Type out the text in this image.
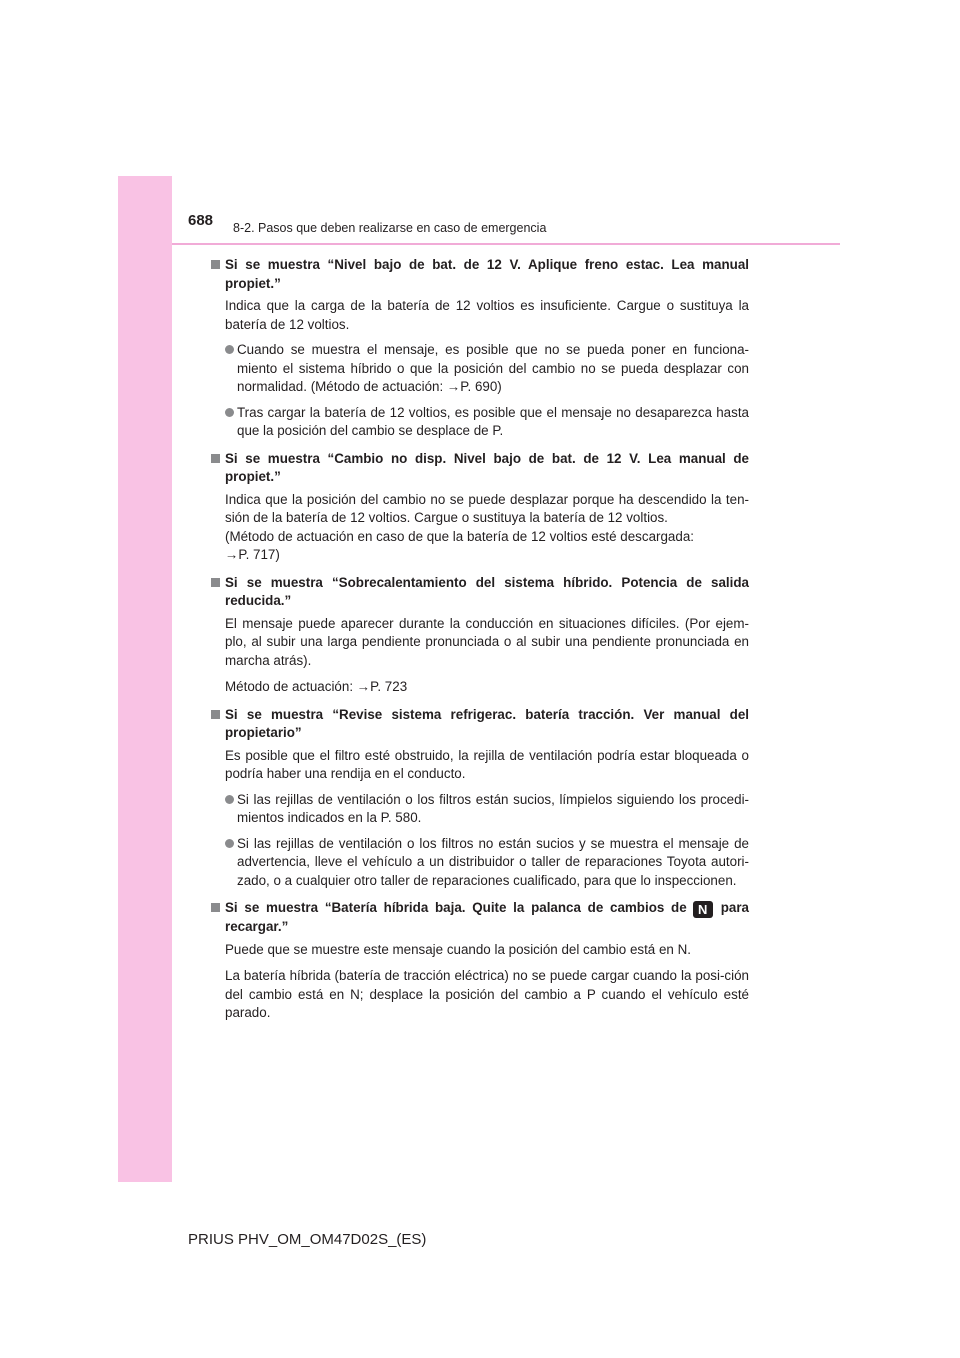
688 8-2. Pasos que deben realizarse en caso de emergencia
Si se muestra “Nivel bajo de bat. de 12 V. Aplique freno estac. Lea manual propiet.”
Indica que la carga de la batería de 12 voltios es insuficiente. Cargue o sustituya la batería de 12 voltios.
Cuando se muestra el mensaje, es posible que no se pueda poner en funciona-miento el sistema híbrido o que la posición del cambio no se pueda desplazar con normalidad. (Método de actuación: →P. 690)
Tras cargar la batería de 12 voltios, es posible que el mensaje no desaparezca hasta que la posición del cambio se desplace de P.
Si se muestra “Cambio no disp. Nivel bajo de bat. de 12 V. Lea manual de propiet.”
Indica que la posición del cambio no se puede desplazar porque ha descendido la ten-sión de la batería de 12 voltios. Cargue o sustituya la batería de 12 voltios.
(Método de actuación en caso de que la batería de 12 voltios esté descargada:
→P. 717)
Si se muestra “Sobrecalentamiento del sistema híbrido. Potencia de salida reducida.”
El mensaje puede aparecer durante la conducción en situaciones difíciles. (Por ejem-plo, al subir una larga pendiente pronunciada o al subir una pendiente pronunciada en marcha atrás).
Método de actuación: →P. 723
Si se muestra “Revise sistema refrigerac. batería tracción. Ver manual del propietario”
Es posible que el filtro esté obstruido, la rejilla de ventilación podría estar bloqueada o podría haber una rendija en el conducto.
Si las rejillas de ventilación o los filtros están sucios, límpielos siguiendo los procedi-mientos indicados en la P. 580.
Si las rejillas de ventilación o los filtros no están sucios y se muestra el mensaje de advertencia, lleve el vehículo a un distribuidor o taller de reparaciones Toyota autori-zado, o a cualquier otro taller de reparaciones cualificado, para que lo inspeccionen.
Si se muestra “Batería híbrida baja. Quite la palanca de cambios de N para recargar.”
Puede que se muestre este mensaje cuando la posición del cambio está en N.
La batería híbrida (batería de tracción eléctrica) no se puede cargar cuando la posi-ción del cambio está en N; desplace la posición del cambio a P cuando el vehículo esté parado.
PRIUS PHV_OM_OM47D02S_(ES)
